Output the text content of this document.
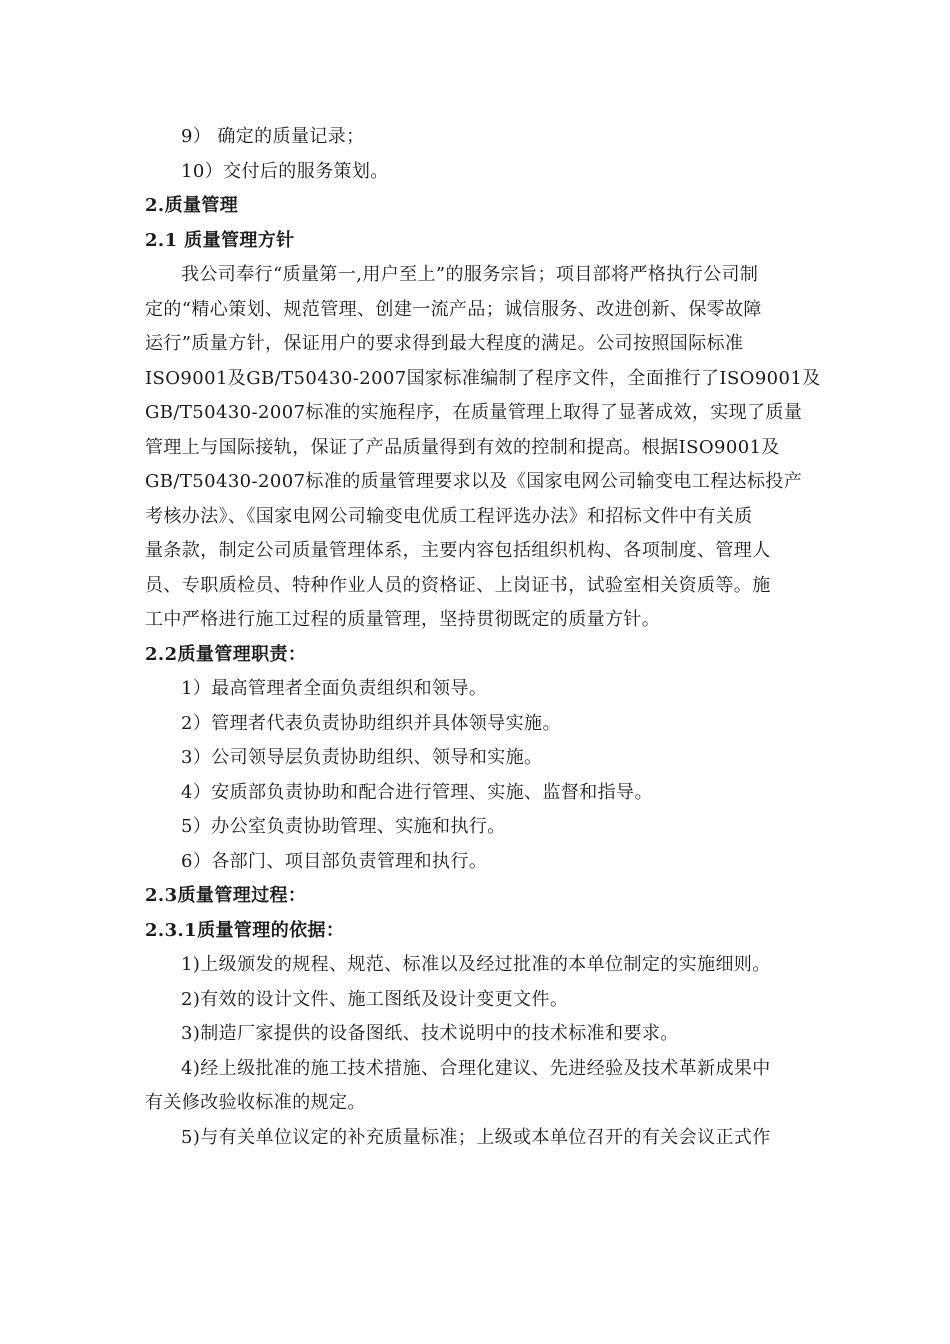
9） 确定的质量记录；

10）交付后的服务策划。

2.质量管理

2.1 质量管理方针

我公司奉行“质量第一,用户至上”的服务宗旨；项目部将严格执行公司制

定的“精心策划、规范管理、创建一流产品；诚信服务、改进创新、保零故障

运行”质量方针，保证用户的要求得到最大程度的满足。公司按照国际标准

ISO9001及GB/T50430-2007国家标准编制了程序文件，全面推行了ISO9001及

GB/T50430-2007标准的实施程序，在质量管理上取得了显著成效，实现了质量

管理上与国际接轨，保证了产品质量得到有效的控制和提高。根据ISO9001及

GB/T50430-2007标准的质量管理要求以及《国家电网公司输变电工程达标投产

考核办法》、《国家电网公司输变电优质工程评选办法》和招标文件中有关质

量条款，制定公司质量管理体系，主要内容包括组织机构、各项制度、管理人

员、专职质检员、特种作业人员的资格证、上岗证书，试验室相关资质等。施

工中严格进行施工过程的质量管理，坚持贯彻既定的质量方针。

2.2质量管理职责：

1）最高管理者全面负责组织和领导。

2）管理者代表负责协助组织并具体领导实施。

3）公司领导层负责协助组织、领导和实施。

4）安质部负责协助和配合进行管理、实施、监督和指导。

5）办公室负责协助管理、实施和执行。

6）各部门、项目部负责管理和执行。

2.3质量管理过程：

2.3.1质量管理的依据：

1)上级颁发的规程、规范、标准以及经过批准的本单位制定的实施细则。

2)有效的设计文件、施工图纸及设计变更文件。

3)制造厂家提供的设备图纸、技术说明中的技术标准和要求。

4)经上级批准的施工技术措施、合理化建议、先进经验及技术革新成果中

有关修改验收标准的规定。

5)与有关单位议定的补充质量标准；上级或本单位召开的有关会议正式作
